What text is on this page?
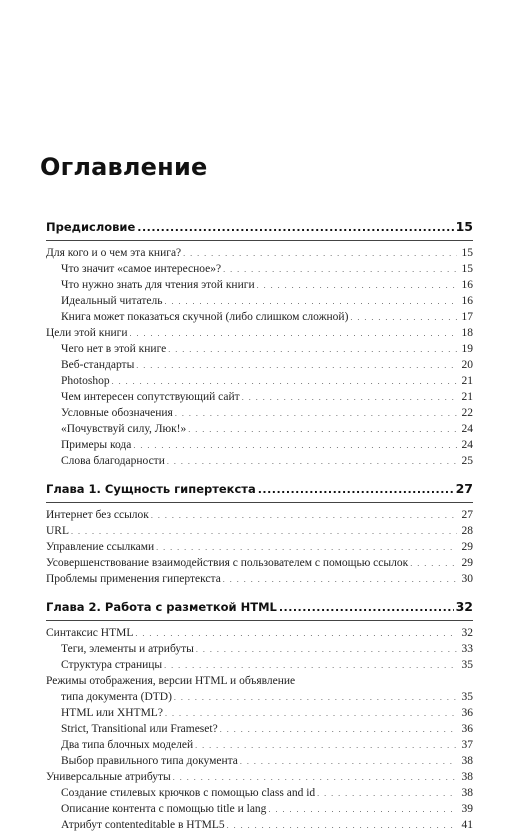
Оглавление
Предисловие .....	15
Для кого и о чем эта книга? . . .	15
Что значит «самое интересное»? . . .	15
Что нужно знать для чтения этой книги . . .	16
Идеальный читатель . . .	16
Книга может показаться скучной (либо слишком сложной) . . .	17
Цели этой книги . . .	18
Чего нет в этой книге . . .	19
Веб-стандарты . . .	20
Photoshop . . .	21
Чем интересен сопутствующий сайт . . .	21
Условные обозначения . . .	22
«Почувствуй силу, Люк!» . . .	24
Примеры кода . . .	24
Слова благодарности . . .	25
Глава 1. Сущность гипертекста .....	27
Интернет без ссылок . . .	27
URL . . .	28
Управление ссылками . . .	29
Усовершенствование взаимодействия с пользователем с помощью ссылок . . .	29
Проблемы применения гипертекста . . .	30
Глава 2. Работа с разметкой HTML .....	32
Синтаксис HTML . . .	32
Теги, элементы и атрибуты . . .	33
Структура страницы . . .	35
Режимы отображения, версии HTML и объявление
типа документа (DTD) . . .	35
HTML или XHTML? . . .	36
Strict, Transitional или Frameset? . . .	36
Два типа блочных моделей . . .	37
Выбор правильного типа документа . . .	38
Универсальные атрибуты . . .	38
Создание стилевых крючков с помощью class and id . . .	38
Описание контента с помощью title и lang . . .	39
Атрибут contenteditable в HTML5 . . .	41
